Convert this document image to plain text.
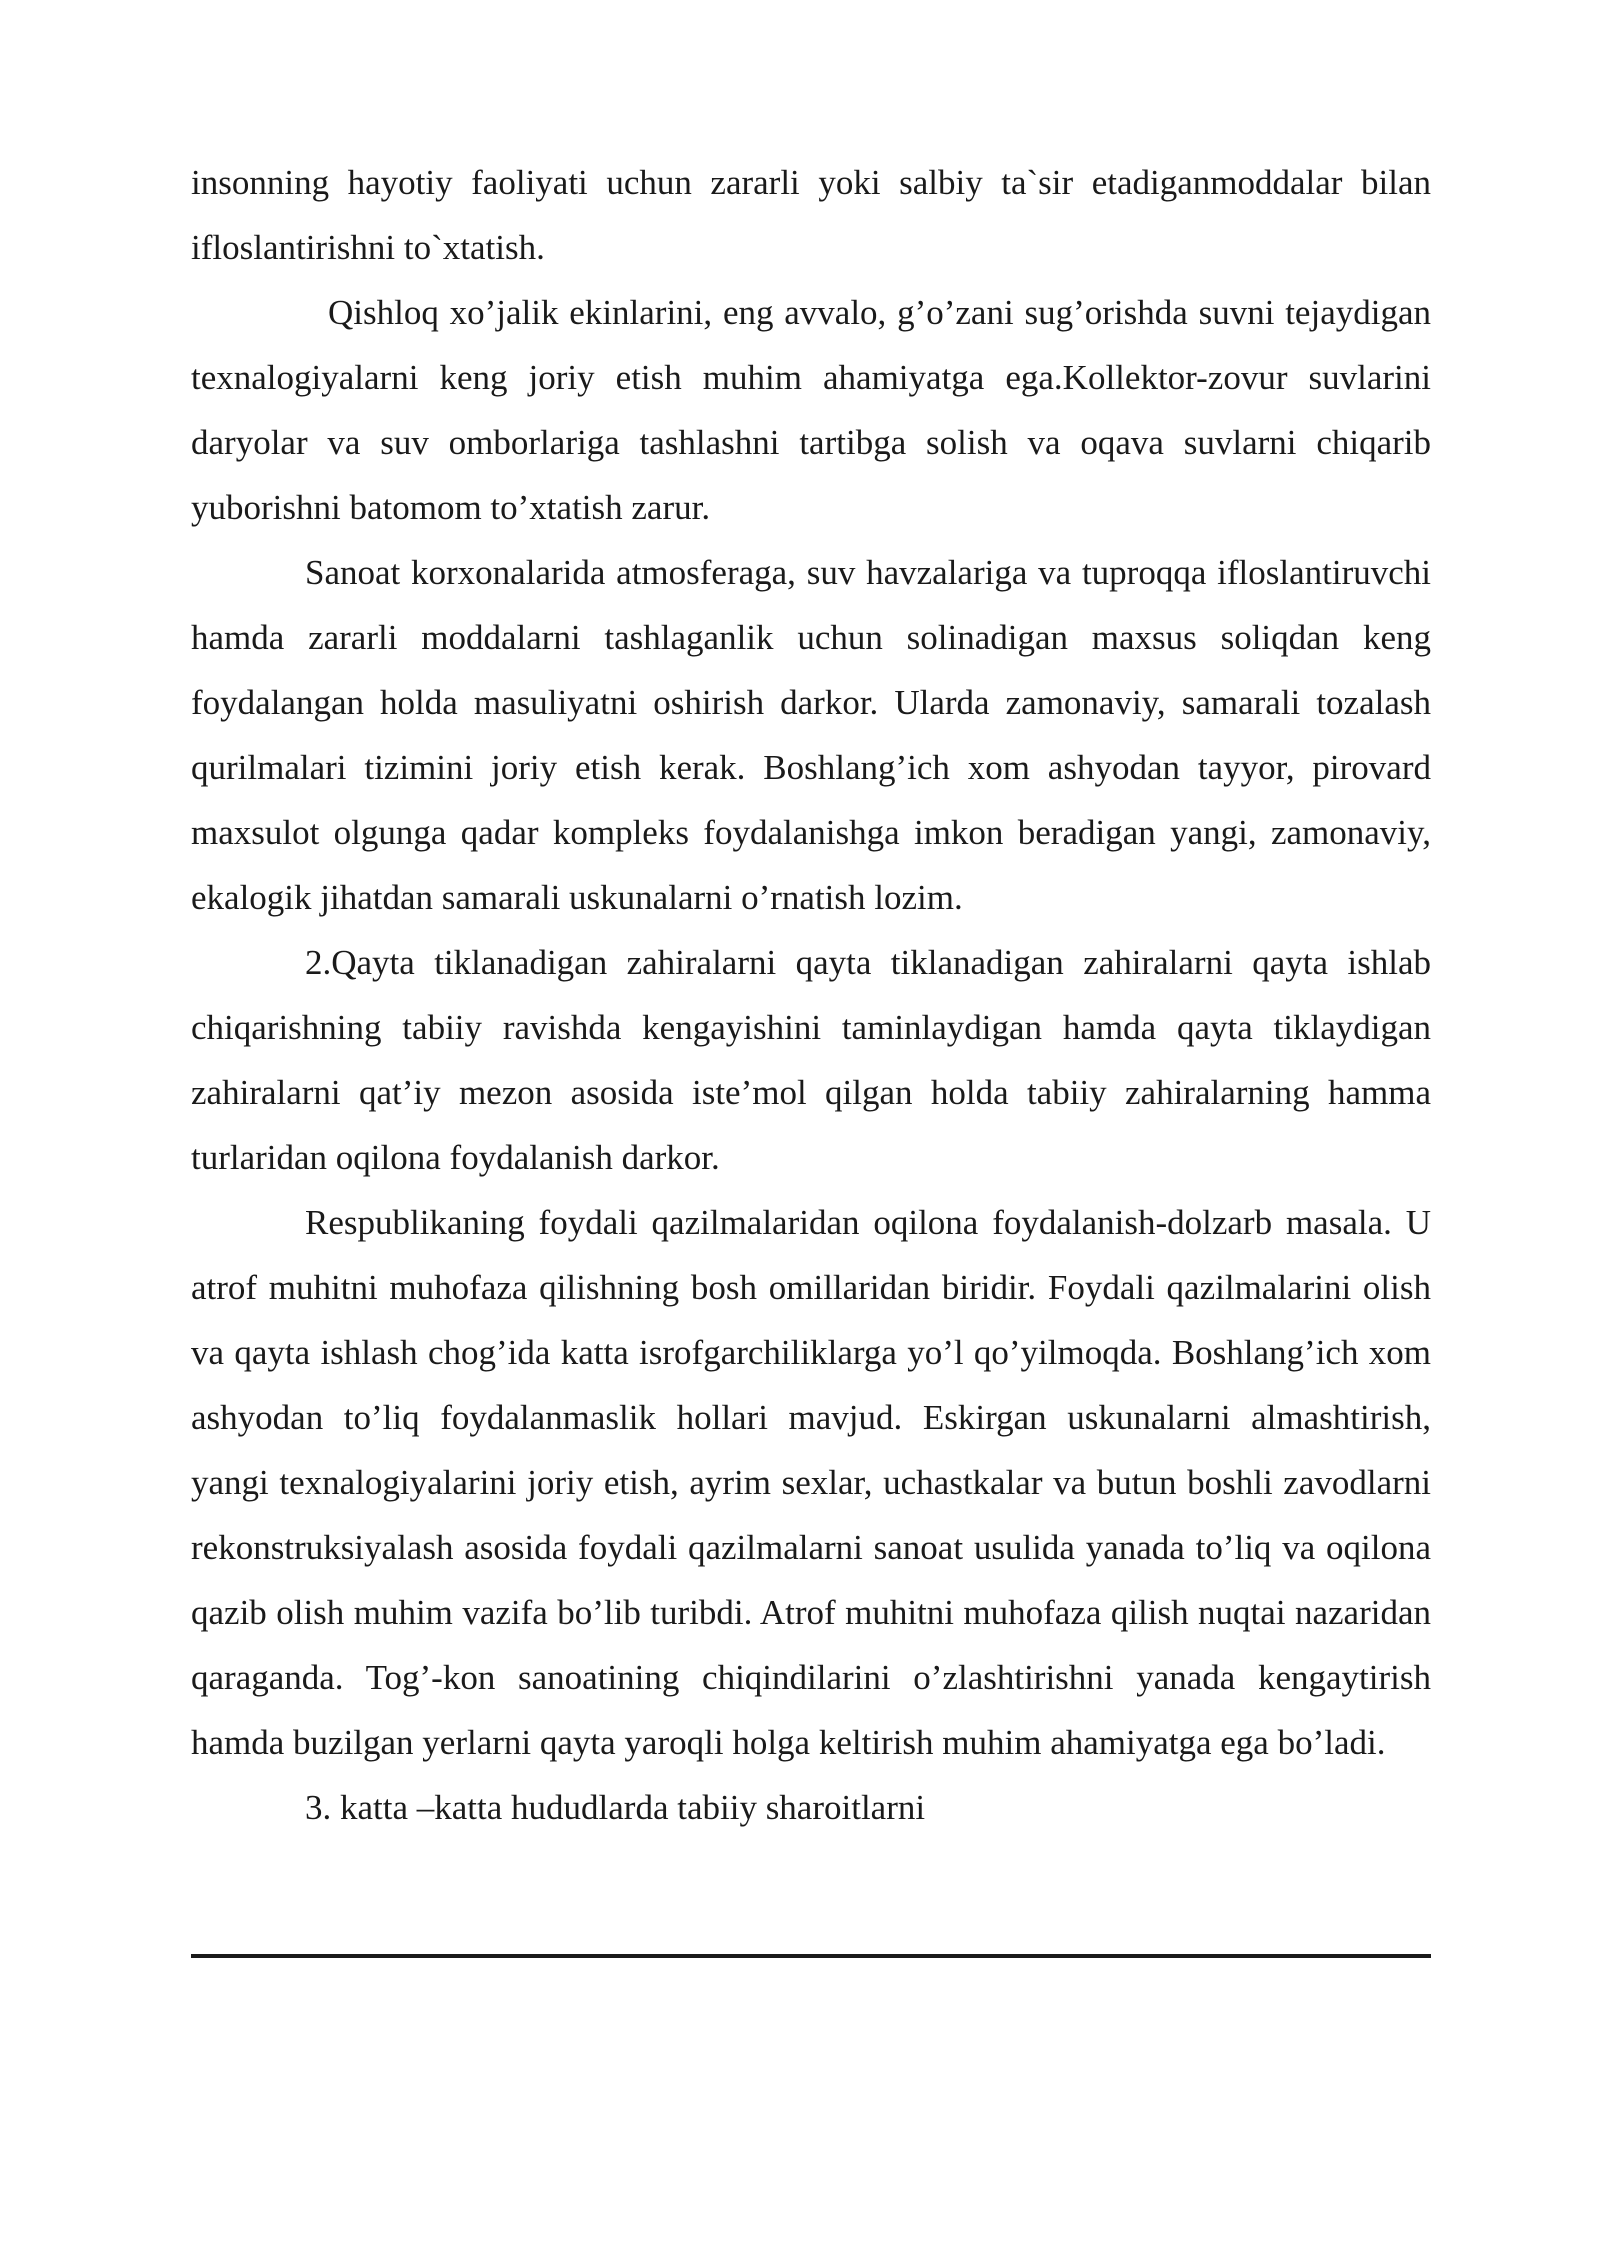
insonning hayotiy faoliyati uchun zararli yoki salbiy ta`sir etadiganmoddalar bilan ifloslantirishni to`xtatish.

Qishloq xo’jalik ekinlarini, eng avvalo, g’o’zani sug’orishda suvni tejaydigan texnalogiyalarni keng joriy etish muhim ahamiyatga ega.Kollektor-zovur suvlarini daryolar va suv omborlariga tashlashni tartibga solish va oqava suvlarni chiqarib yuborishni batomom to’xtatish zarur.

Sanoat korxonalarida atmosferaga, suv havzalariga va tuproqqa ifloslantiruvchi hamda zararli moddalarni tashlaganlik uchun solinadigan maxsus soliqdan keng foydalangan holda masuliyatni oshirish darkor. Ularda zamonaviy, samarali tozalash qurilmalari tizimini joriy etish kerak. Boshlang’ich xom ashyodan tayyor, pirovard maxsulot olgunga qadar kompleks foydalanishga imkon beradigan yangi, zamonaviy, ekalogik jihatdan samarali uskunalarni o’rnatish lozim.

2.Qayta tiklanadigan zahiralarni qayta tiklanadigan zahiralarni qayta ishlab chiqarishning tabiiy ravishda kengayishini taminlaydigan hamda qayta tiklaydigan zahiralarni qat’iy mezon asosida iste’mol qilgan holda tabiiy zahiralarning hamma turlaridan oqilona foydalanish darkor.

Respublikaning foydali qazilmalaridan oqilona foydalanish-dolzarb masala. U atrof muhitni muhofaza qilishning bosh omillaridan biridir. Foydali qazilmalarini olish va qayta ishlash chog’ida katta isrofgarchiliklarga yo’l qo’yilmoqda. Boshlang’ich xom ashyodan to’liq foydalanmaslik hollari mavjud. Eskirgan uskunalarni almashtirish, yangi texnalogiyalarini joriy etish, ayrim sexlar, uchastkalar va butun boshli zavodlarni rekonstruksiyalash asosida foydali qazilmalarni sanoat usulida yanada to’liq va oqilona qazib olish muhim vazifa bo’lib turibdi. Atrof muhitni muhofaza qilish nuqtai nazaridan qaraganda. Tog’-kon sanoatining chiqindilarini o’zlashtirishni yanada kengaytirish hamda buzilgan yerlarni qayta yaroqli holga keltirish muhim ahamiyatga ega bo’ladi.

3. katta –katta hududlarda tabiiy sharoitlarni
